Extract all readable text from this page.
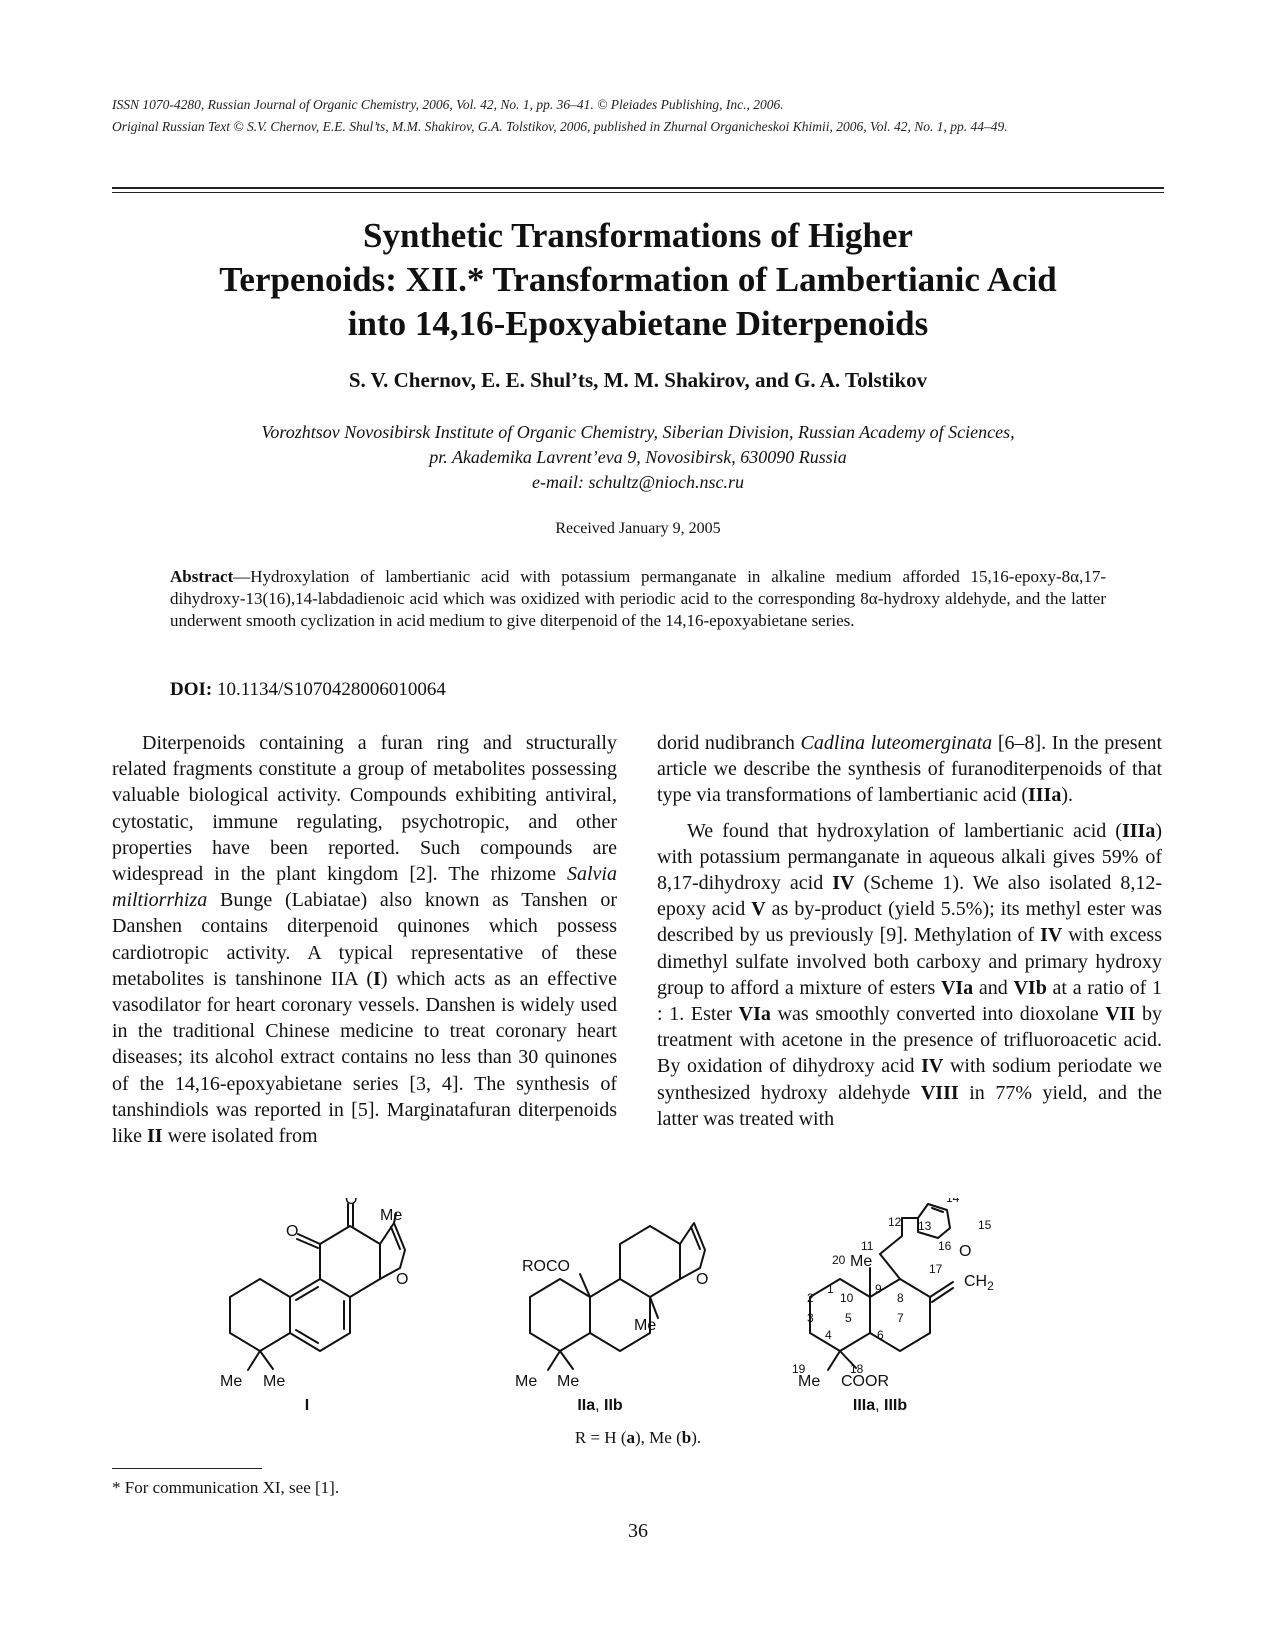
ISSN 1070-4280, Russian Journal of Organic Chemistry, 2006, Vol. 42, No. 1, pp. 36–41. © Pleiades Publishing, Inc., 2006.
Original Russian Text © S.V. Chernov, E.E. Shul’ts, M.M. Shakirov, G.A. Tolstikov, 2006, published in Zhurnal Organicheskoi Khimii, 2006, Vol. 42, No. 1, pp. 44–49.
Synthetic Transformations of Higher
Terpenoids: XII.* Transformation of Lambertianic Acid
into 14,16-Epoxyabietane Diterpenoids
S. V. Chernov, E. E. Shul’ts, M. M. Shakirov, and G. A. Tolstikov
Vorozhtsov Novosibirsk Institute of Organic Chemistry, Siberian Division, Russian Academy of Sciences,
pr. Akademika Lavrent’eva 9, Novosibirsk, 630090 Russia
e-mail: schultz@nioch.nsc.ru
Received January 9, 2005
Abstract—Hydroxylation of lambertianic acid with potassium permanganate in alkaline medium afforded 15,16-epoxy-8α,17-dihydroxy-13(16),14-labdadienoic acid which was oxidized with periodic acid to the corresponding 8α-hydroxy aldehyde, and the latter underwent smooth cyclization in acid medium to give diterpenoid of the 14,16-epoxyabietane series.
DOI: 10.1134/S1070428006010064

Diterpenoids containing a furan ring and structurally related fragments constitute a group of metabolites possessing valuable biological activity. Compounds exhibiting antiviral, cytostatic, immune regulating, psychotropic, and other properties have been reported. Such compounds are widespread in the plant kingdom [2]. The rhizome Salvia miltiorrhiza Bunge (Labiatae) also known as Tanshen or Danshen contains diterpenoid quinones which possess cardiotropic activity. A typical representative of these metabolites is tanshinone IIA (I) which acts as an effective vasodilator for heart coronary vessels. Danshen is widely used in the traditional Chinese medicine to treat coronary heart diseases; its alcohol extract contains no less than 30 quinones of the 14,16-epoxyabietane series [3, 4]. The synthesis of tanshindiols was reported in [5]. Marginatafuran diterpenoids like II were isolated from

dorid nudibranch Cadlina luteomerginata [6–8]. In the present article we describe the synthesis of furanoditerpenoids of that type via transformations of lambertianic acid (IIIa).

We found that hydroxylation of lambertianic acid (IIIa) with potassium permanganate in aqueous alkali gives 59% of 8,17-dihydroxy acid IV (Scheme 1). We also isolated 8,12-epoxy acid V as by-product (yield 5.5%); its methyl ester was described by us previously [9]. Methylation of IV with excess dimethyl sulfate involved both carboxy and primary hydroxy group to afford a mixture of esters VIa and VIb at a ratio of 1 : 1. Ester VIa was smoothly converted into dioxolane VII by treatment with acetone in the presence of trifluoroacetic acid. By oxidation of dihydroxy acid IV with sodium periodate we synthesized hydroxy aldehyde VIII in 77% yield, and the latter was treated with

Me
O
O
O
Me Me
ROCO
O
Me
Me Me
Me
$CH_2$
O
Me COOR
1
2
3
4
5
6
7
8
9
10
11
12 13
14
15
16
17
18
19
20
I	IIa, IIb	IIIa, IIIb
R = H (a), Me (b).
* For communication XI, see [1].
36
